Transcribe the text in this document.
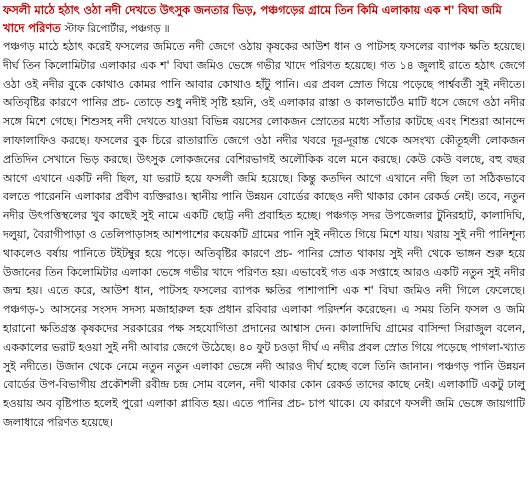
ফসলী মাঠে হঠাৎ ওঠা নদী দেখতে উৎসুক জনতার ভিড়, পঞ্চগড়ের গ্রামে তিন কিমি এলাকায় এক শ' বিঘা জমি খাদে পরিণত স্টাফ রিপোর্টার, পঞ্চগড় ॥

পঞ্চগড় মাঠে হঠাৎ করেই ফসলের জমিতে নদী জেগে ওঠায় কৃষকের আউশ ধান ও পাটসহ ফসলের ব্যাপক ক্ষতি হয়েছে। দীর্ঘ তিন কিলোমিটার এলাকার এক শ' বিঘা জমিও ভেঙ্গে গভীর খাদে পরিণত হয়েছে। গত ১৪ জুলাই রাতে হঠাৎ জেগে ওঠা ওই নদীর বুকে কোথাও কোমর পানি আবার কোথাও হাঁটু পানি। এর প্রবল স্রোত গিয়ে পড়েছে পার্শ্ববর্তী সুই নদীতে। অতিবৃষ্টির কারণে পানির প্রচ- তোড়ে শুধু নদীই সৃষ্টি হয়নি, ওই এলাকার রাস্তা ও কালভার্টেও মাটি ধসে জেগে ওঠা নদীর সঙ্গে মিশে গেছে। শিশুসহ নদী দেখতে যাওয়া বিভিন্ন বয়সের লোকজন স্রোতের মধ্যে সাঁতার কাটছে এবং শিশুরা আনন্দে লাফালাফিও করছে। ফসলের বুক চিরে রাতারাতি জেগে ওঠা নদীর খবরে দূর-দূরান্ত থেকে অসংখ্য কৌতূহলী লোকজন প্রতিদিন সেখানে ভিড় করছে। উৎসুক লোকজনের বেশিরভাগই অলৌকিক বলে মনে করছে। কেউ কেউ বলছে, বহু বছর আগে এখানে একটি নদী ছিল, যা ভরাট হয়ে ফসলী জমি হয়েছে। কিন্তু কতদিন আগে এখানে নদী ছিল তা সঠিকভাবে বলতে পারেননি এলাকার প্রবীণ ব্যক্তিরাও। স্থানীয় পানি উন্নয়ন বোর্ডের কাছেও নদী থাকার কোন রেকর্ড নেই। তবে, নতুন নদীর উৎপত্তিস্থলের খুব কাছেই সুই নামে একটি ছোট্ট নদী প্রবাহিত হচ্ছে। পঞ্চগড় সদর উপজেলার টুনিরহাট, কালাদিঘি, দলুয়া, বৈরাগীপাড়া ও তেলিপাড়াসহ আশপাশের কয়েকটি গ্রামের পানি সুই নদীতে গিয়ে মিশে যায়। খরায় সুই নদী পানিশূন্য থাকলেও বর্ষায় পানিতে টইটম্বুর হয়ে পড়ে। অতিবৃষ্টির কারণে প্রচ- পানির স্রোত থাকায় সুই নদী থেকে ভাঙ্গন শুরু হয়ে উজানের তিন কিলোমিটার এলাকা ভেঙ্গে গভীর খাদে পরিণত হয়। এভাবেই গত এক সপ্তাহে আরও একটি নতুন সুই নদীর জন্ম হয়। এতে করে, আউশ ধান, পাটসহ ফসলের ব্যাপক ক্ষতির পাশাপাশি এক শ' বিঘা জমিও নদী গিলে ফেলেছে। পঞ্চগড়-১ আসনের সংসদ সদস্য মজাহারুল হক প্রধান রবিবার এলাকা পরিদর্শন করেছেন। এ সময় তিনি ফসল ও জমি হারানো ক্ষতিগ্রস্ত কৃষকদের সরকারের পক্ষ সহযোগিতা প্রদানের আশ্বাস দেন। কালাদিঘি গ্রামের বাসিন্দা সিরাজুল বলেন, এককালের ভরাট হওয়া সুই নদী আবার জেগে উঠেছে। ৪০ ফুট চওড়া দীর্ঘ এ নদীর প্রবল স্রোত গিয়ে পড়েছে পাগলা-খ্যাত সুই নদীতে। উজান থেকে নেমে নতুন নতুন এলাকা ভেঙ্গে নদী আরও দীর্ঘ হচ্ছে বলে তিনি জানান। পঞ্চগড় পানি উন্নয়ন বোর্ডের উপ-বিভাগীয় প্রকৌশলী রবীন্দ্র চন্দ্র সোম বলেন, নদী থাকার কোন রেকর্ড তাদের কাছে নেই। এলাকাটি একটু ঢালু হওয়ায় অব বৃষ্টিপাত হলেই পুরো এলাকা প্লাবিত হয়। এতে পানির প্রচ- চাপ থাকে। যে কারণে ফসলী জমি ভেঙ্গে জায়গাটি জলাধারে পরিণত হয়েছে।
